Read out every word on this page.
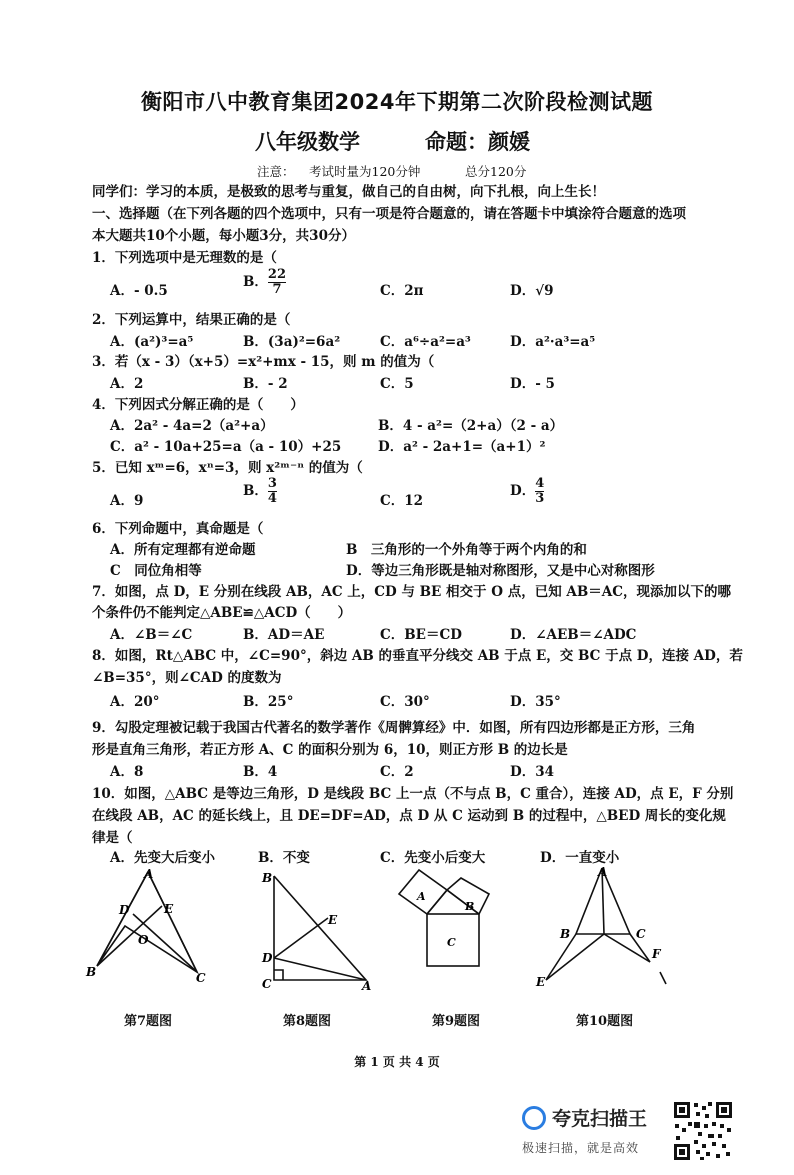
衡阳市八中教育集团2024年下期第二次阶段检测试题
八年级数学	命题：颜媛
注意： 考试时量为120分钟	总分120分
同学们：学习的本质，是极致的思考与重复，做自己的自由树，向下扎根，向上生长！
一、选择题（在下列各题的四个选项中，只有一项是符合题意的，请在答题卡中填涂符合题意的选项
本大题共10个小题，每小题3分，共30分）
1．下列选项中是无理数的是（
A．- 0.5
B． $\frac{22}{7}$	C．2π	D．√9
2．下列运算中，结果正确的是（
A．(a²)³=a⁵	B．(3a)²=6a²	C．a⁶÷a²=a³	D．a²·a³=a⁵
3．若（x - 3）（x+5）=x²+mx - 15，则 m 的值为（
A．2	B．- 2	C．5	D．- 5
4．下列因式分解正确的是（　　）
A．2a² - 4a=2（a²+a）	B．4 - a²=（2+a）（2 - a）
C．a² - 10a+25=a（a - 10）+25	D．a² - 2a+1=（a+1）²
5．已知 xᵐ=6，xⁿ=3，则 x²ᵐ⁻ⁿ 的值为（
A．9
B． $\frac{3}{4}$	C．12
D． $\frac{4}{3}$
6．下列命题中，真命题是（
A．所有定理都有逆命题	B　三角形的一个外角等于两个内角的和
C　同位角相等	D．等边三角形既是轴对称图形，又是中心对称图形
7．如图，点 D，E 分别在线段 AB，AC 上，CD 与 BE 相交于 O 点，已知 AB＝AC，现添加以下的哪
个条件仍不能判定△ABE≌△ACD（　　）
A．∠B＝∠C	B．AD＝AE	C．BE＝CD	D．∠AEB＝∠ADC
8．如图，Rt△ABC 中，∠C=90°，斜边 AB 的垂直平分线交 AB 于点 E，交 BC 于点 D，连接 AD，若
∠B=35°，则∠CAD 的度数为
A．20°	B．25°	C．30°	D．35°
9．勾股定理被记载于我国古代著名的数学著作《周髀算经》中．如图，所有四边形都是正方形，三角
形是直角三角形，若正方形 A、C 的面积分别为 6，10，则正方形 B 的边长是
A．8	B．4	C．2	D．34
10．如图，△ABC 是等边三角形，D 是线段 BC 上一点（不与点 B，C 重合），连接 AD，点 E，F 分别
在线段 AB，AC 的延长线上，且 DE=DF=AD，点 D 从 C 运动到 B 的过程中，△BED 周长的变化规
律是（
A．先变大后变小	B．不变	C．先变小后变大	D．一直变小
A
B	C
D	E
O
第7题图
B
C
D
E
A
第8题图
A
B
C
第9题图
A
B	C
E
F
第10题图
第 1 页 共 4 页
夸克扫描王
极速扫描，就是高效
